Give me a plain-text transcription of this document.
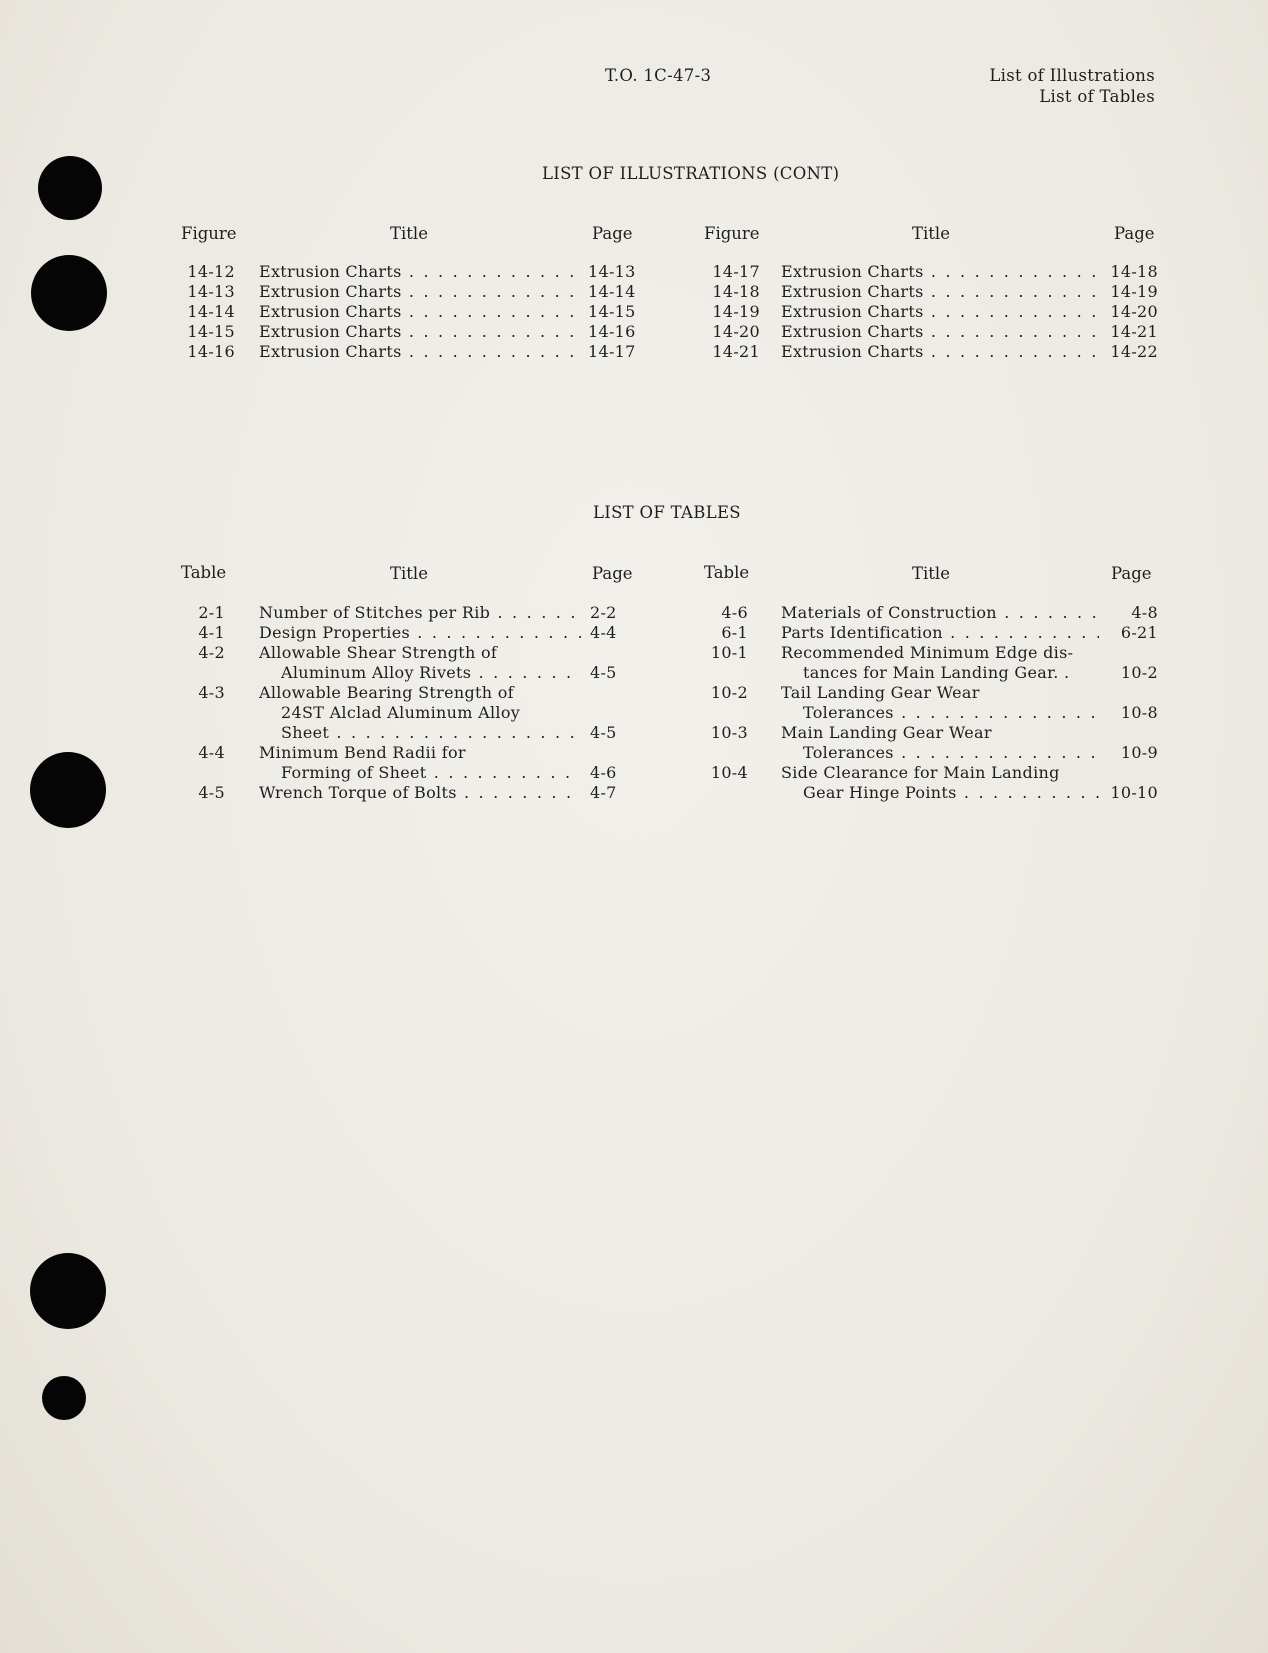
T.O. 1C-47-3	List of Illustrations
List of Tables
LIST OF ILLUSTRATIONS (CONT)
Figure	Title	Page	Figure	Title	Page
LIST OF TABLES
Table	Title	Page	Table	Title	Page
14-12 Extrusion Charts . . .	14-13
14-13 Extrusion Charts . . .	14-14
14-14 Extrusion Charts . . .	14-15
14-15 Extrusion Charts . . .	14-16
14-16 Extrusion Charts . . .	14-17
14-17 Extrusion Charts . . .	14-18
14-18 Extrusion Charts . . .	14-19
14-19 Extrusion Charts . . .	14-20
14-20 Extrusion Charts . . .	14-21
14-21 Extrusion Charts . . .	14-22
2-1 Number of Stitches per Rib . . .	2-2
4-1 Design Properties . . .	4-4
4-2 Allowable Shear Strength of
Aluminum Alloy Rivets . . .	4-5
4-3 Allowable Bearing Strength of
24ST Alclad Aluminum Alloy
Sheet . . .	4-5
4-4 Minimum Bend Radii for
Forming of Sheet . . .	4-6
4-5 Wrench Torque of Bolts . . .	4-7
4-6 Materials of Construction . . .	4-8
6-1 Parts Identification . . .	6-21
10-1 Recommended Minimum Edge dis-
tances for Main Landing Gear. .	10-2
10-2 Tail Landing Gear Wear
Tolerances . . .	10-8
10-3 Main Landing Gear Wear
Tolerances . . .	10-9
10-4 Side Clearance for Main Landing
Gear Hinge Points . . .	10-10
